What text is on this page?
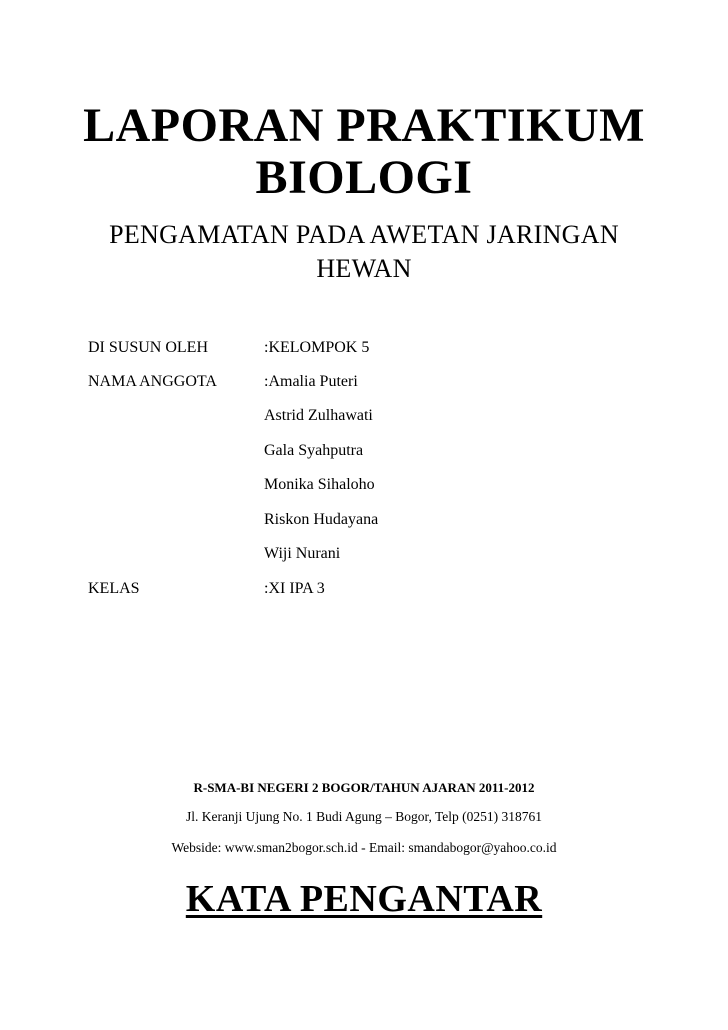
LAPORAN PRAKTIKUM
BIOLOGI
PENGAMATAN PADA AWETAN JARINGAN
HEWAN
DI SUSUN OLEH	:KELOMPOK 5
NAMA ANGGOTA	:Amalia Puteri
Astrid Zulhawati
Gala Syahputra
Monika Sihaloho
Riskon Hudayana
Wiji Nurani
KELAS	:XI IPA 3
R-SMA-BI NEGERI 2 BOGOR/TAHUN AJARAN 2011-2012
Jl. Keranji Ujung No. 1 Budi Agung – Bogor, Telp (0251) 318761
Webside: www.sman2bogor.sch.id - Email: smandabogor@yahoo.co.id
KATA PENGANTAR
